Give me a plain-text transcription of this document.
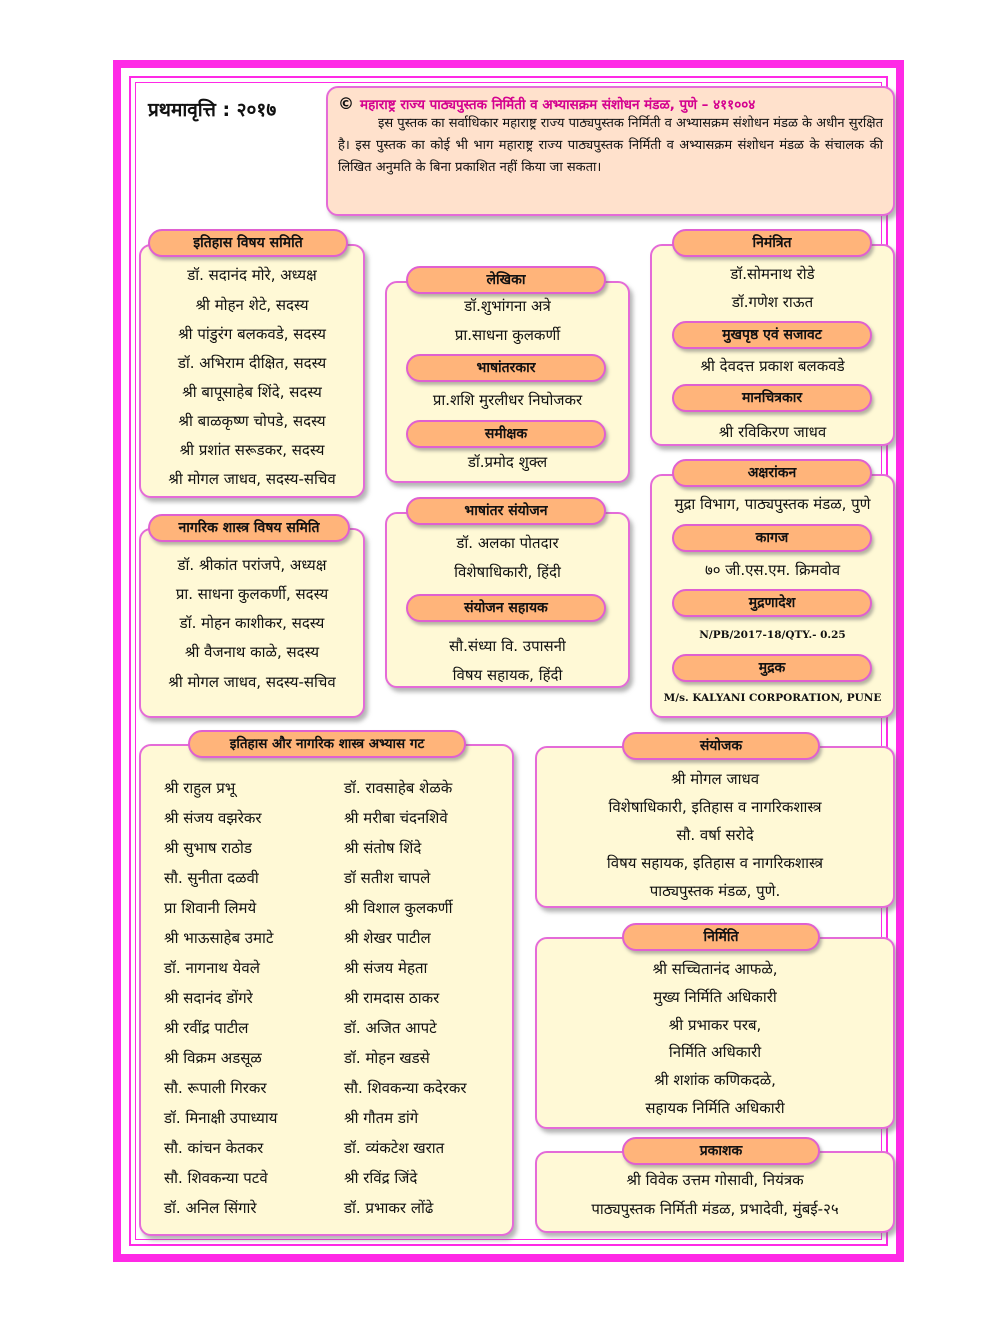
प्रथमावृत्ति : २०१७	© महाराष्ट्र राज्य पाठ्यपुस्तक निर्मिती व अभ्यासक्रम संशोधन मंडळ, पुणे – ४११००४
इस पुस्तक का सर्वाधिकार महाराष्ट्र राज्य पाठ्यपुस्तक निर्मिती व अभ्यासक्रम संशोधन मंडळ के अधीन सुरक्षित है। इस पुस्तक का कोई भी भाग महाराष्ट्र राज्य पाठ्यपुस्तक निर्मिती व अभ्यासक्रम संशोधन मंडळ के संचालक की लिखित अनुमति के बिना प्रकाशित नहीं किया जा सकता।
इतिहास विषय समिति
डॉ. सदानंद मोरे, अध्यक्ष
श्री मोहन शेटे, सदस्य
श्री पांडुरंग बलकवडे, सदस्य
डॉ. अभिराम दीक्षित, सदस्य
श्री बापूसाहेब शिंदे, सदस्य
श्री बाळकृष्ण चोपडे, सदस्य
श्री प्रशांत सरूडकर, सदस्य
श्री मोगल जाधव, सदस्य-सचिव
नागरिक शास्त्र विषय समिति
डॉ. श्रीकांत परांजपे, अध्यक्ष
प्रा. साधना कुलकर्णी, सदस्य
डॉ. मोहन काशीकर, सदस्य
श्री वैजनाथ काळे, सदस्य
श्री मोगल जाधव, सदस्य-सचिव
लेखिका
डॉ.शुभांगना अत्रे
प्रा.साधना कुलकर्णी
भाषांतरकार
प्रा.शशि मुरलीधर निघोजकर
समीक्षक
डॉ.प्रमोद शुक्ल
भाषांतर संयोजन
डॉ. अलका पोतदार
विशेषाधिकारी, हिंदी
संयोजन सहायक
सौ.संध्या वि. उपासनी
विषय सहायक, हिंदी
निमंत्रित
डॉ.सोमनाथ रोडे
डॉ.गणेश राऊत
मुखपृष्ठ एवं सजावट
श्री देवदत्त प्रकाश बलकवडे
मानचित्रकार
श्री रविकिरण जाधव
अक्षरांकन
मुद्रा विभाग, पाठ्यपुस्तक मंडळ, पुणे
कागज
७० जी.एस.एम. क्रिमवोव
मुद्रणादेश
N/PB/2017-18/QTY.- 0.25
मुद्रक
M/s. KALYANI CORPORATION, PUNE
इतिहास और नागरिक शास्त्र अभ्यास गट
श्री राहुल प्रभू
श्री संजय वझरेकर
श्री सुभाष राठोड
सौ. सुनीता दळवी
प्रा शिवानी लिमये
श्री भाऊसाहेब उमाटे
डॉ. नागनाथ येवले
श्री सदानंद डोंगरे
श्री रवींद्र पाटील
श्री विक्रम अडसूळ
सौ. रूपाली गिरकर
डॉ. मिनाक्षी उपाध्याय
सौ. कांचन केतकर
सौ. शिवकन्या पटवे
डॉ. अनिल सिंगारे
डॉ. रावसाहेब शेळके
श्री मरीबा चंदनशिवे
श्री संतोष शिंदे
डॉ सतीश चापले
श्री विशाल कुलकर्णी
श्री शेखर पाटील
श्री संजय मेहता
श्री रामदास ठाकर
डॉ. अजित आपटे
डॉ. मोहन खडसे
सौ. शिवकन्या कदेरकर
श्री गौतम डांगे
डॉ. व्यंकटेश खरात
श्री रविंद्र जिंदे
डॉ. प्रभाकर लोंढे
संयोजक
श्री मोगल जाधव
विशेषाधिकारी, इतिहास व नागरिकशास्त्र
सौ. वर्षा सरोदे
विषय सहायक, इतिहास व नागरिकशास्त्र
पाठ्यपुस्तक मंडळ, पुणे.
निर्मिति
श्री सच्चितानंद आफळे,
मुख्य निर्मिति अधिकारी
श्री प्रभाकर परब,
निर्मिति अधिकारी
श्री शशांक कणिकदळे,
सहायक निर्मिति अधिकारी
प्रकाशक
श्री विवेक उत्तम गोसावी, नियंत्रक
पाठ्यपुस्तक निर्मिती मंडळ, प्रभादेवी, मुंबई-२५
